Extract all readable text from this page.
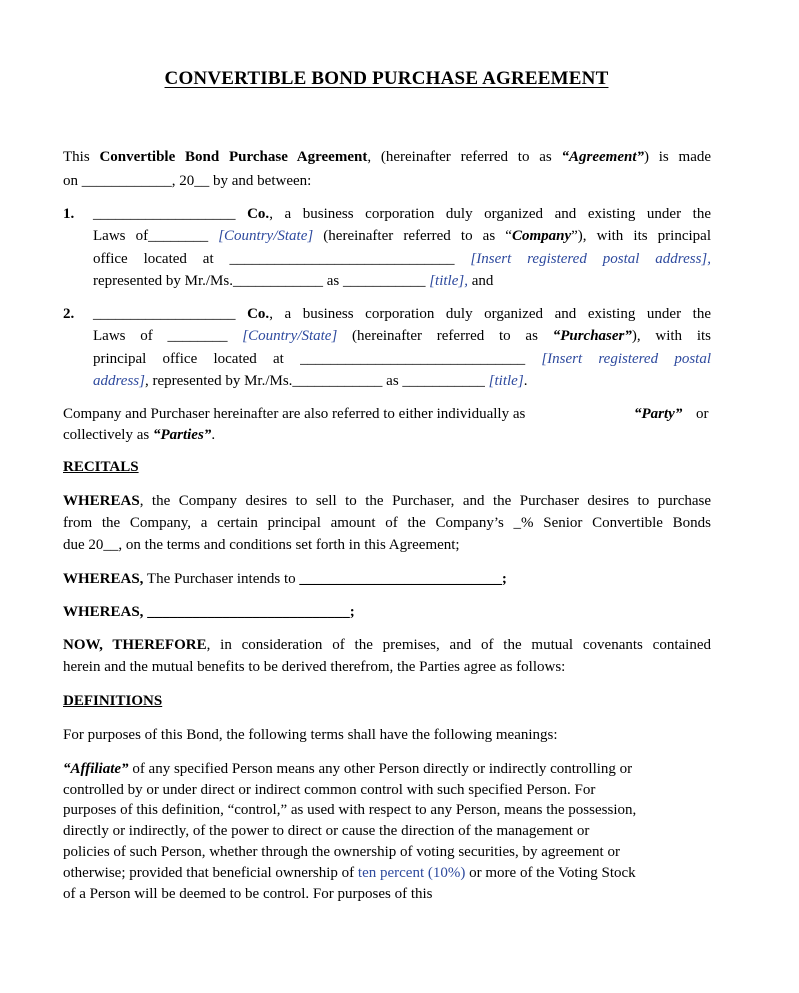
CONVERTIBLE BOND PURCHASE AGREEMENT
This Convertible Bond Purchase Agreement, (hereinafter referred to as “Agreement”) is made
on ____________, 20__ by and between:
1. ___________________ Co., a business corporation duly organized and existing under the
Laws of________ [Country/State] (hereinafter referred to as “Company”), with its principal
office located at ______________________________ [Insert registered postal address],
represented by Mr./Ms.____________ as ___________ [title], and
2. ___________________ Co., a business corporation duly organized and existing under the
Laws of ________ [Country/State] (hereinafter referred to as “Purchaser”), with its
principal office located at ______________________________ [Insert registered postal
address], represented by Mr./Ms.____________ as ___________ [title].
Company and Purchaser hereinafter are also referred to either individually as	“Party” or
collectively as “Parties”.
RECITALS
WHEREAS, the Company desires to sell to the Purchaser, and the Purchaser desires to purchase
from the Company, a certain principal amount of the Company’s _% Senior Convertible Bonds
due 20__, on the terms and conditions set forth in this Agreement;
WHEREAS, The Purchaser intends to ___________________________;
WHEREAS, ___________________________;
NOW, THEREFORE, in consideration of the premises, and of the mutual covenants contained
herein and the mutual benefits to be derived therefrom, the Parties agree as follows:
DEFINITIONS
For purposes of this Bond, the following terms shall have the following meanings:
“Affiliate” of any specified Person means any other Person directly or indirectly controlling or
controlled by or under direct or indirect common control with such specified Person. For
purposes of this definition, “control,” as used with respect to any Person, means the possession,
directly or indirectly, of the power to direct or cause the direction of the management or
policies of such Person, whether through the ownership of voting securities, by agreement or
otherwise; provided that beneficial ownership of ten percent (10%) or more of the Voting Stock
of a Person will be deemed to be control. For purposes of this
